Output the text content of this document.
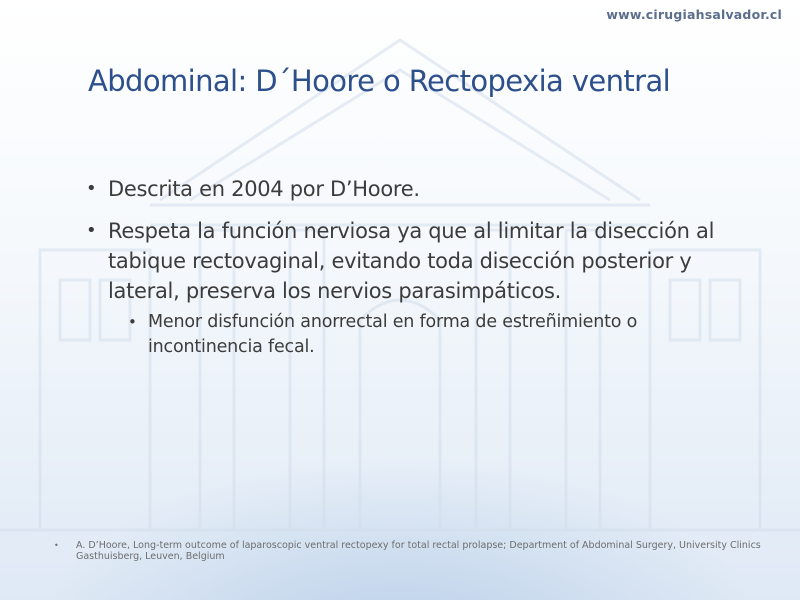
www.cirugiahsalvador.cl
Abdominal: D´Hoore o Rectopexia ventral
• Descrita en 2004 por D’Hoore.
• Respeta la función nerviosa ya que al limitar la disección al tabique rectovaginal, evitando toda disección posterior y lateral, preserva los nervios parasimpáticos.
• Menor disfunción anorrectal en forma de estreñimiento o incontinencia fecal.
•	A. D’Hoore, Long-term outcome of laparoscopic ventral rectopexy for total rectal prolapse; Department of Abdominal Surgery, University Clinics Gasthuisberg, Leuven, Belgium
